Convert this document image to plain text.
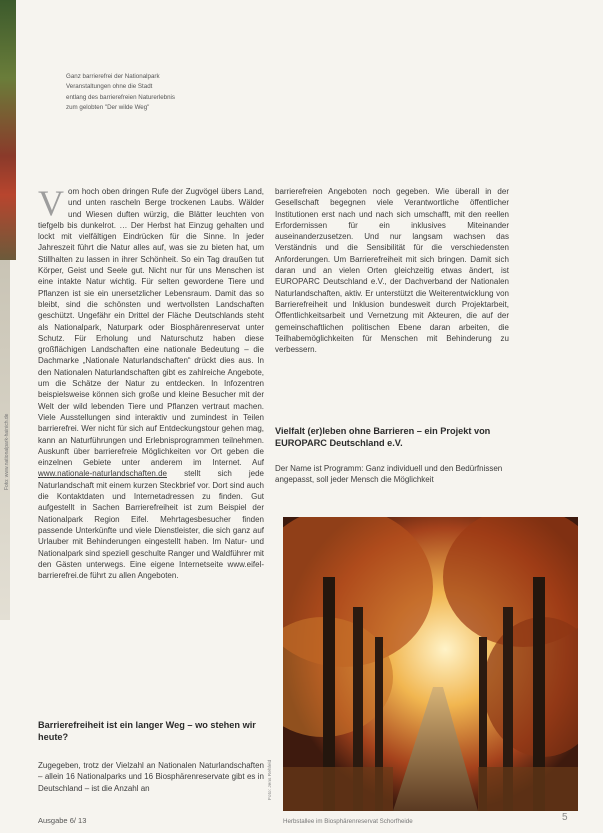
Foto: www.nationalpark-hainich.de
Ganz barrierefrei der Nationalpark
Veranstaltungen ohne die Stadt
entlang des barrierefreien Naturerlebnis
zum gelobten "Der wilde Weg"
V om hoch oben dringen Rufe der Zugvögel übers Land, und unten rascheln Berge trockenen Laubs. Wälder und Wiesen duften würzig, die Blätter leuchten von tiefgelb bis dunkelrot. … Der Herbst hat Einzug gehalten und lockt mit vielfältigen Eindrücken für die Sinne. In jeder Jahreszeit führt die Natur alles auf, was sie zu bieten hat, um Stillhalten zu lassen in ihrer Schönheit. So ein Tag draußen tut Körper, Geist und Seele gut. Nicht nur für uns Menschen ist eine intakte Natur wichtig. Für selten gewordene Tiere und Pflanzen ist sie ein unersetzlicher Lebensraum. Damit das so bleibt, sind die schönsten und wertvollsten Landschaften geschützt. Ungefähr ein Drittel der Fläche Deutschlands steht als Nationalpark, Naturpark oder Biosphärenreservat unter Schutz. Für Erholung und Naturschutz haben diese großflächigen Landschaften eine nationale Bedeutung – die Dachmarke „Nationale Naturlandschaften“ drückt dies aus. In den Nationalen Naturlandschaften gibt es zahlreiche Angebote, um die Schätze der Natur zu entdecken. In Infozentren beispielsweise können sich große und kleine Besucher mit der Welt der wild lebenden Tiere und Pflanzen vertraut machen. Viele Ausstellungen sind interaktiv und zumindest in Teilen barrierefrei. Wer nicht für sich auf Entdeckungstour gehen mag, kann an Naturführungen und Erlebnisprogrammen teilnehmen. Auskunft über barrierefreie Möglichkeiten vor Ort geben die einzelnen Gebiete unter anderem im Internet. Auf www.nationale-naturlandschaften.de stellt sich jede Naturlandschaft mit einem kurzen Steckbrief vor. Dort sind auch die Kontaktdaten und Internetadressen zu finden. Gut aufgestellt in Sachen Barrierefreiheit ist zum Beispiel der Nationalpark Region Eifel. Mehrtagesbesucher finden passende Unterkünfte und viele Dienstleister, die sich ganz auf Urlauber mit Behinderungen eingestellt haben. Im Natur- und Nationalpark sind speziell geschulte Ranger und Waldführer mit den Gästen unterwegs. Eine eigene Internetseite www.eifel-barrierefrei.de führt zu allen Angeboten.
barrierefreien Angeboten noch gegeben. Wie überall in der Gesellschaft begegnen viele Verantwortliche öffentlicher Institutionen erst nach und nach sich umschafft, mit den reellen Erfordernissen für ein inklusives Miteinander auseinanderzusetzen. Und nur langsam wachsen das Verständnis und die Sensibilität für die verschiedensten Anforderungen. Um Barrierefreiheit mit sich bringen. Damit sich daran und an vielen Orten gleichzeitig etwas ändert, ist EUROPARC Deutschland e.V., der Dachverband der Nationalen Naturlandschaften, aktiv. Er unterstützt die Weiterentwicklung von Barrierefreiheit und Inklusion bundesweit durch Projektarbeit, Öffentlichkeitsarbeit und Vernetzung mit Akteuren, die auf der gemeinschaftlichen politischen Ebene daran arbeiten, die Teilhabemöglichkeiten für Menschen mit Behinderung zu verbessern.
Vielfalt (er)leben ohne Barrieren – ein Projekt von EUROPARC Deutschland e.V.
Der Name ist Programm: Ganz individuell und den Bedürfnissen angepasst, soll jeder Mensch die Möglichkeit
Barrierefreiheit ist ein langer Weg – wo stehen wir heute?
Zugegeben, trotz der Vielzahl an Nationalen Naturlandschaften – allein 16 Nationalparks und 16 Biosphärenreservate gibt es in Deutschland – ist die Anzahl an	Foto: Jens Rehfeld
Herbstallee im Biosphärenreservat Schorfheide
Ausgabe 6/ 13	5
